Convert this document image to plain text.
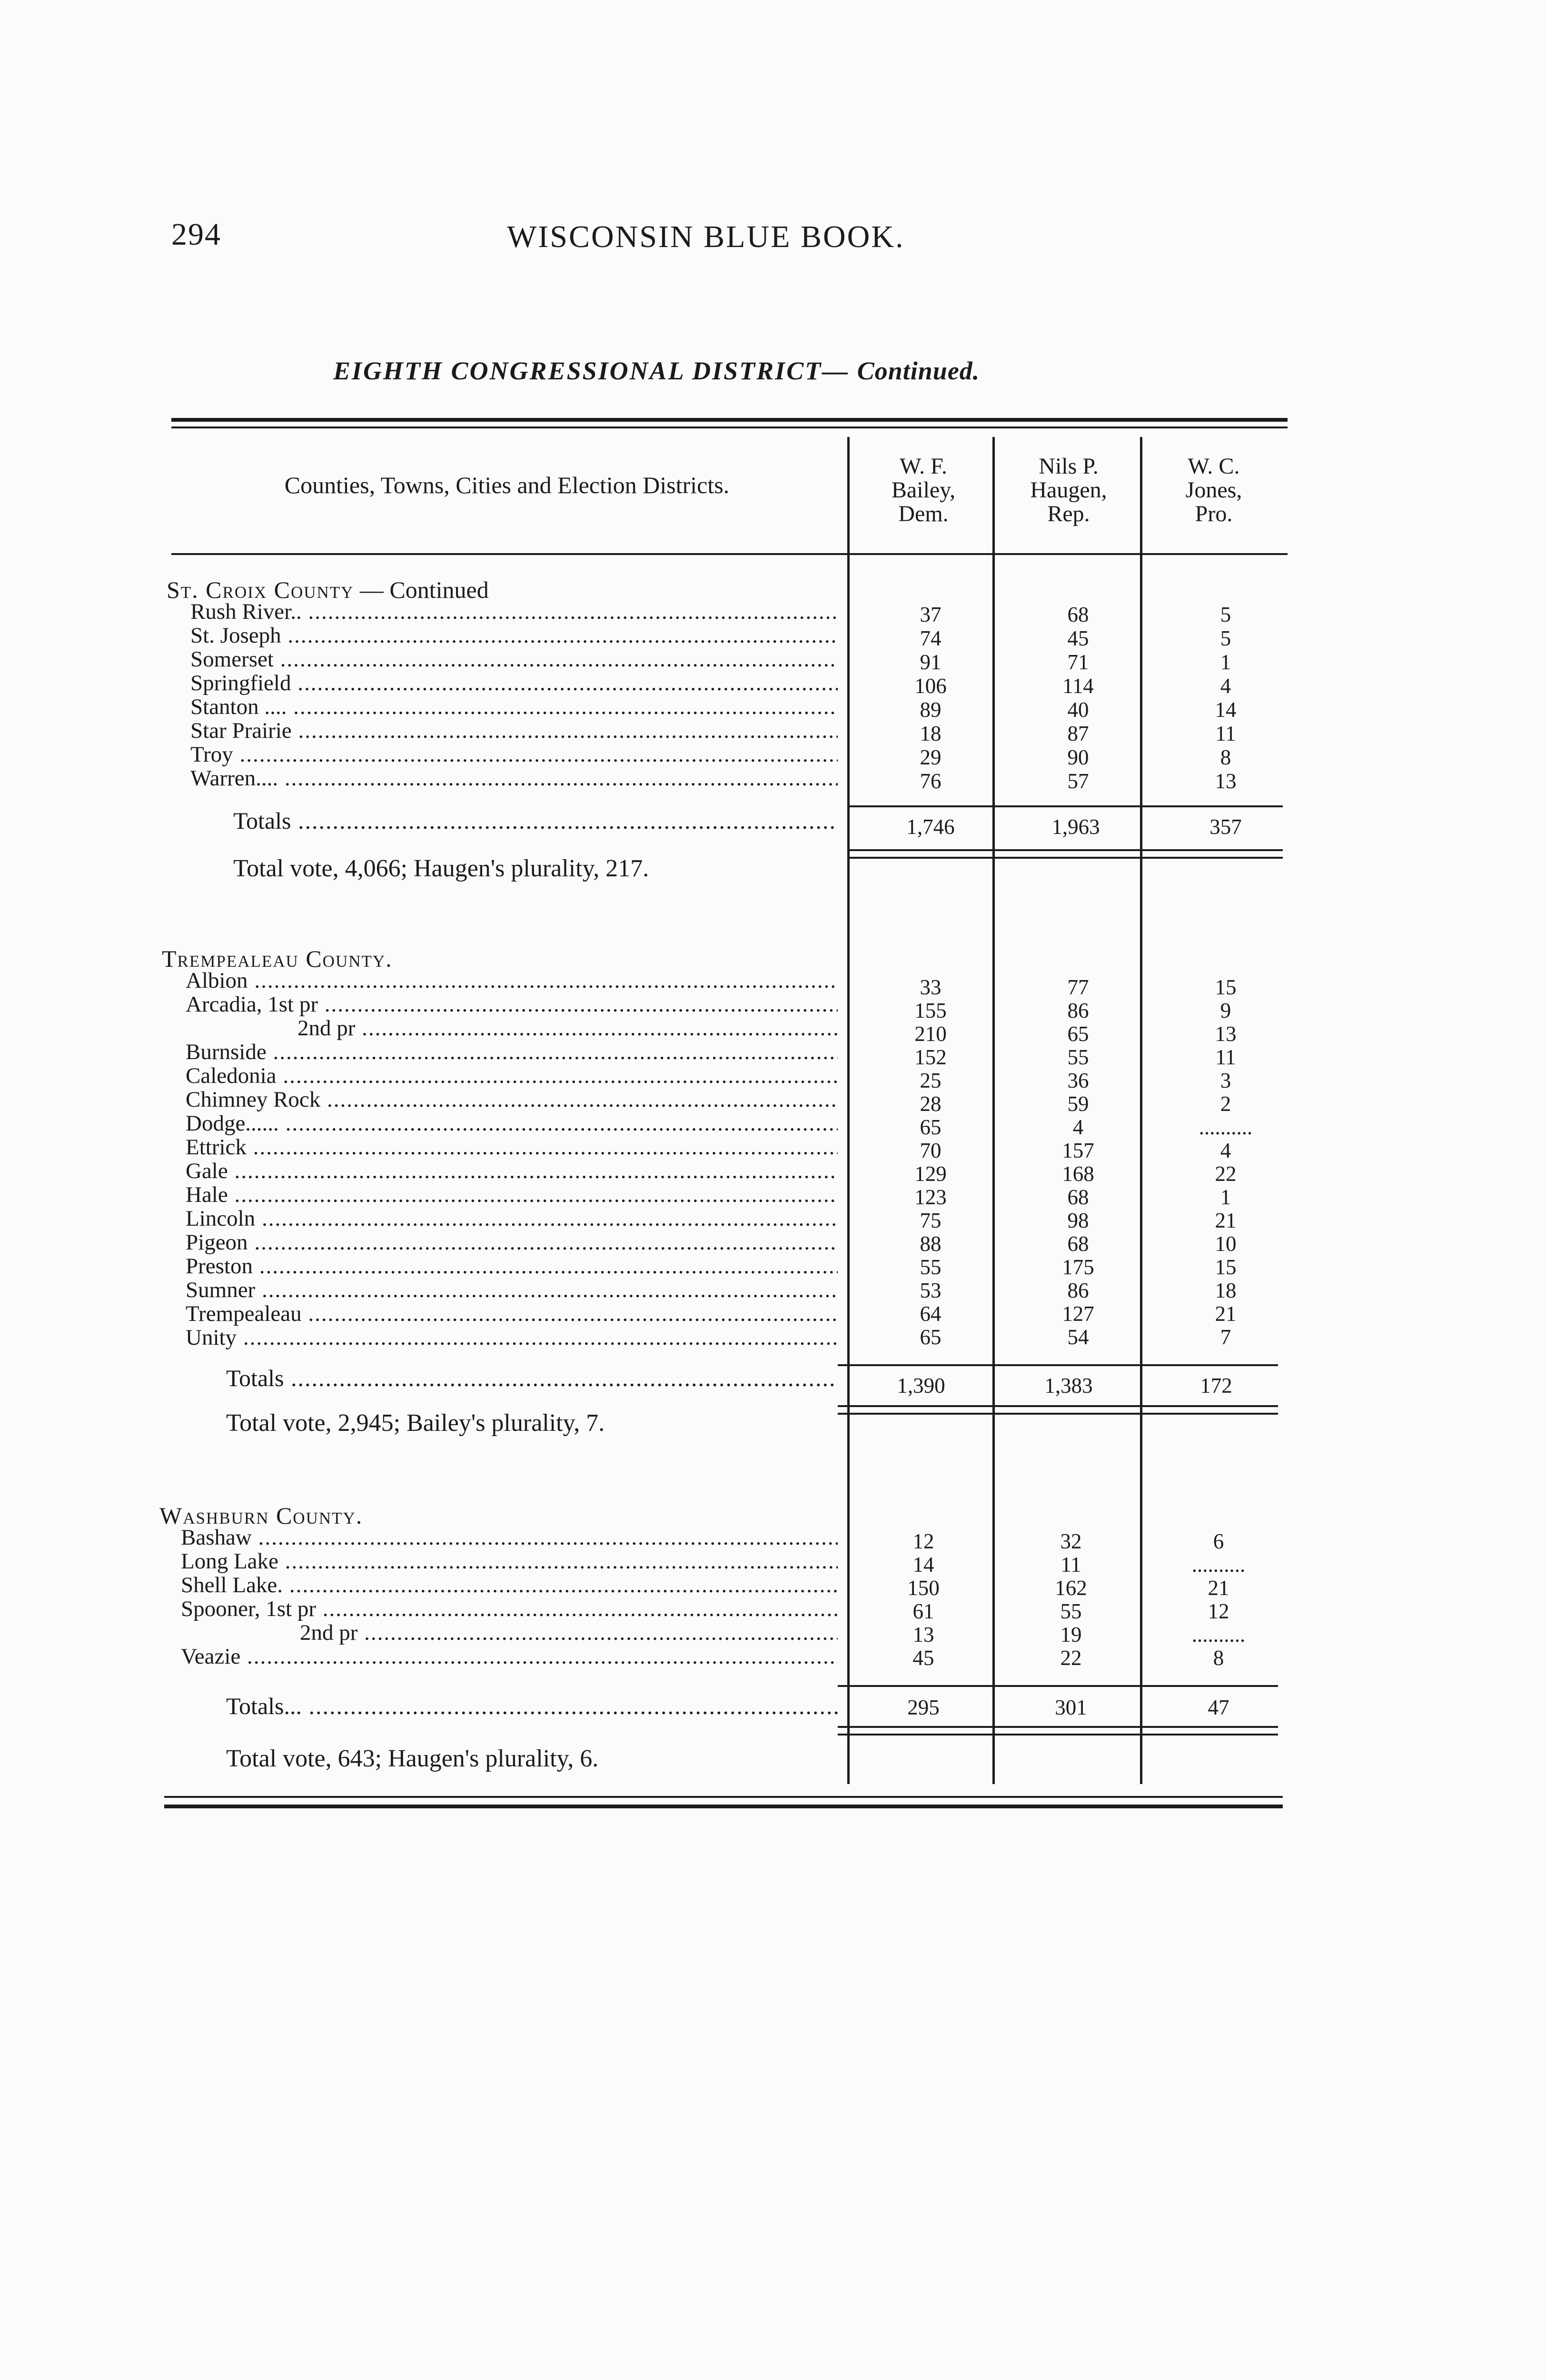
294	WISCONSIN BLUE BOOK.
EIGHTH CONGRESSIONAL DISTRICT— Continued.
Counties, Towns, Cities and Election Districts.
W. F.
Bailey,
Dem.
Nils P.
Haugen,
Rep.
W. C.
Jones,
Pro.
St. Croix County — Continued
Rush River.. .....	37	68	5
St. Joseph .....	74	45	5
Somerset .....	91	71	1
Springfield .....	106	114	4
Stanton .... .....	89	40	14
Star Prairie .....	18	87	11
Troy .....	29	90	8
Warren.... .....	76	57	13
Totals .....	1,746	1,963	357
Total vote, 4,066; Haugen's plurality, 217.
Trempealeau County.
Albion .....	33	77	15
Arcadia, 1st pr .....	155	86	9
2nd pr .....	210	65	13
Burnside .....	152	55	11
Caledonia .....	25	36	3
Chimney Rock .....	28	59	2
Dodge...... .....	65	4	..........
Ettrick .....	70	157	4
Gale .....	129	168	22
Hale .....	123	68	1
Lincoln .....	75	98	21
Pigeon .....	88	68	10
Preston .....	55	175	15
Sumner .....	53	86	18
Trempealeau .....	64	127	21
Unity .....	65	54	7
Totals .....	1,390	1,383	172
Total vote, 2,945; Bailey's plurality, 7.
Washburn County.
Bashaw .....	12	32	6
Long Lake .....	14	11	..........
Shell Lake. .....	150	162	21
Spooner, 1st pr .....	61	55	12
2nd pr .....	13	19	..........
Veazie .....	45	22	8
Totals... .....	295	301	47
Total vote, 643; Haugen's plurality, 6.
